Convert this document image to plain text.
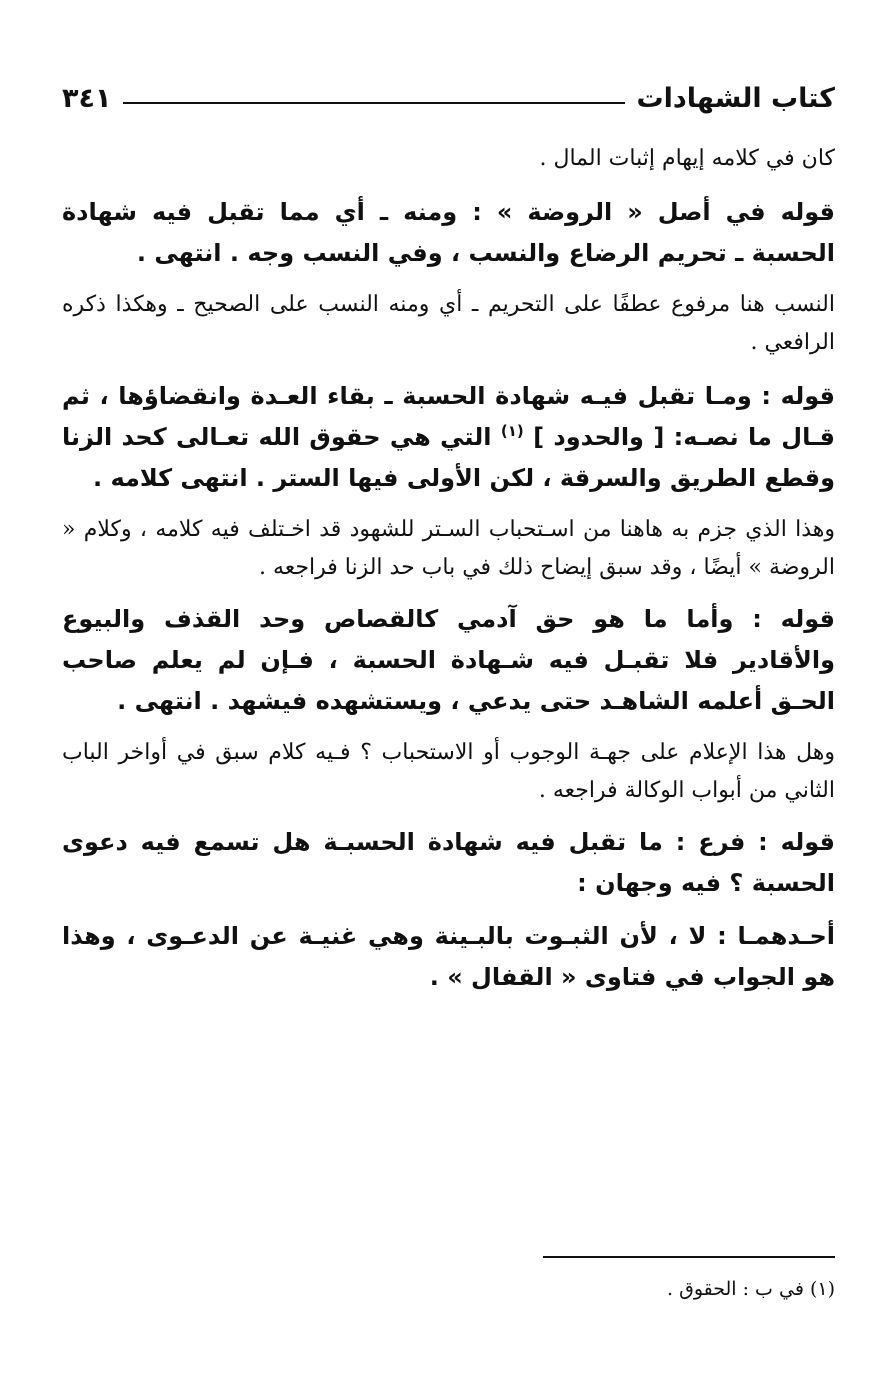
كتاب الشهادات
٣٤١

كان في كلامه إيهام إثبات المال .

قوله في أصل « الروضة » : ومنه ـ أي مما تقبل فيه شهادة الحسبة ـ تحريم الرضاع والنسب ، وفي النسب وجه . انتهى .

النسب هنا مرفوع عطفًا على التحريم ـ أي ومنه النسب على الصحيح ـ وهكذا ذكره الرافعي .

قوله : ومـا تقبل فيـه شهادة الحسبة ـ بقاء العـدة وانقضاؤها ، ثم قـال ما نصـه: [ والحدود ] $^{(١)}$ التي هي حقوق الله تعـالى كحد الزنا وقطع الطريق والسرقة ، لكن الأولى فيها الستر . انتهى كلامه .

وهذا الذي جزم به هاهنا من اسـتحباب السـتر للشهود قد اخـتلف فيه كلامه ، وكلام « الروضة » أيضًا ، وقد سبق إيضاح ذلك في باب حد الزنا فراجعه .

قوله : وأما ما هو حق آدمي كالقصاص وحد القذف والبيوع والأقادير فلا تقبـل فيه شـهادة الحسبة ، فـإن لم يعلم صاحب الحـق أعلمه الشاهـد حتى يدعي ، ويستشهده فيشهد . انتهى .

وهل هذا الإعلام على جهـة الوجوب أو الاستحباب ؟ فـيه كلام سبق في أواخر الباب الثاني من أبواب الوكالة فراجعه .

قوله : فرع : ما تقبل فيه شهادة الحسبـة هل تسمع فيه دعوى الحسبة ؟ فيه وجهان :

أحـدهمـا : لا ، لأن الثبـوت بالبـينة وهي غنيـة عن الدعـوى ، وهذا هو الجواب في فتاوى « القفال » .

(١) في ب : الحقوق .
